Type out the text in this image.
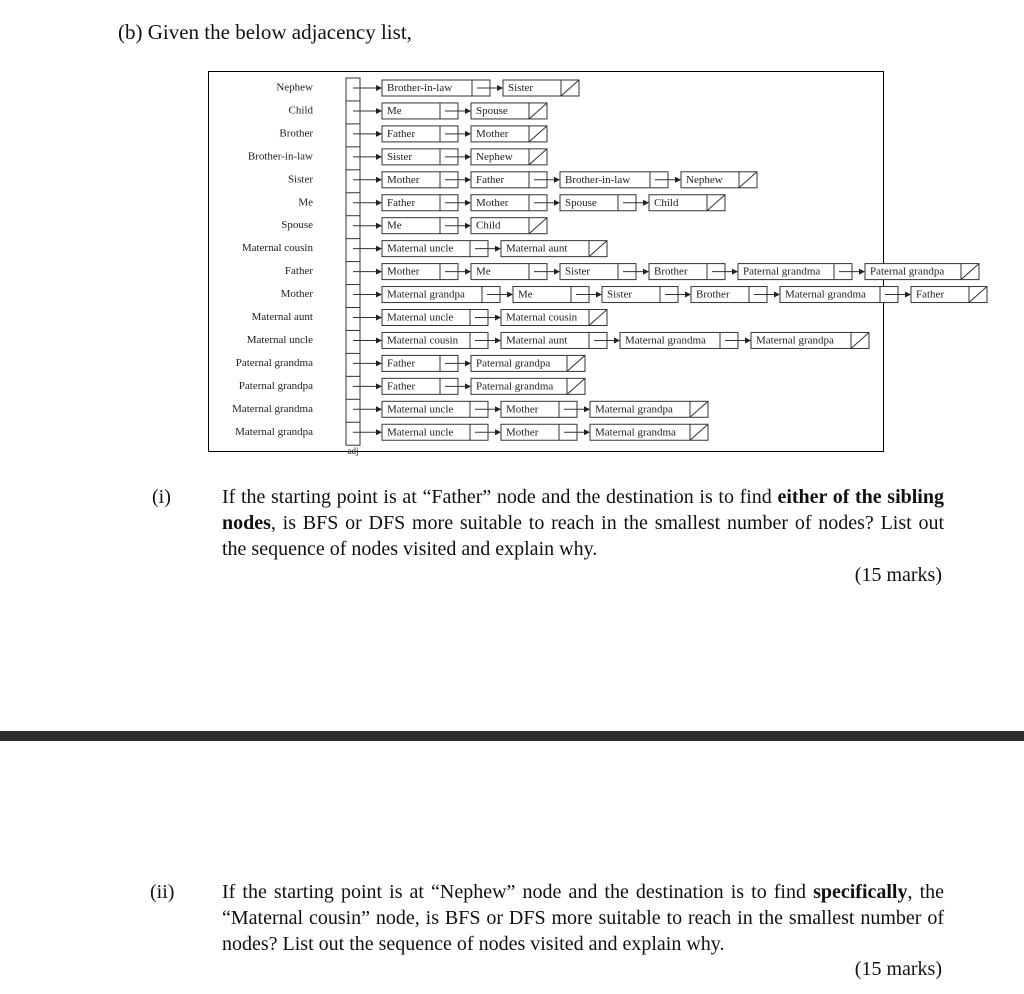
(b) Given the below adjacency list,
adj
Nephew	Brother-in-law	Sister
Child	Me	Spouse
Brother	Father	Mother
Brother-in-law	Sister	Nephew
Sister	Mother	Father	Brother-in-law	Nephew
Me	Father	Mother	Spouse	Child
Spouse	Me	Child
Maternal cousin	Maternal uncle	Maternal aunt
Father	Mother	Me	Sister	Brother	Paternal grandma	Paternal grandpa
Mother	Maternal grandpa	Me	Sister	Brother	Maternal grandma	Father
Maternal aunt	Maternal uncle	Maternal cousin
Maternal uncle	Maternal cousin	Maternal aunt	Maternal grandma	Maternal grandpa
Paternal grandma	Father	Paternal grandpa
Paternal grandpa	Father	Paternal grandma
Maternal grandma	Maternal uncle	Mother	Maternal grandpa
Maternal grandpa	Maternal uncle	Mother	Maternal grandma
(i)	If the starting point is at “Father” node and the destination is to find either of the sibling nodes, is BFS or DFS more suitable to reach in the smallest number of nodes? List out the sequence of nodes visited and explain why.
(15 marks)
(ii) If the starting point is at “Nephew” node and the destination is to find specifically, the “Maternal cousin” node, is BFS or DFS more suitable to reach in the smallest number of nodes? List out the sequence of nodes visited and explain why.
(15 marks)
